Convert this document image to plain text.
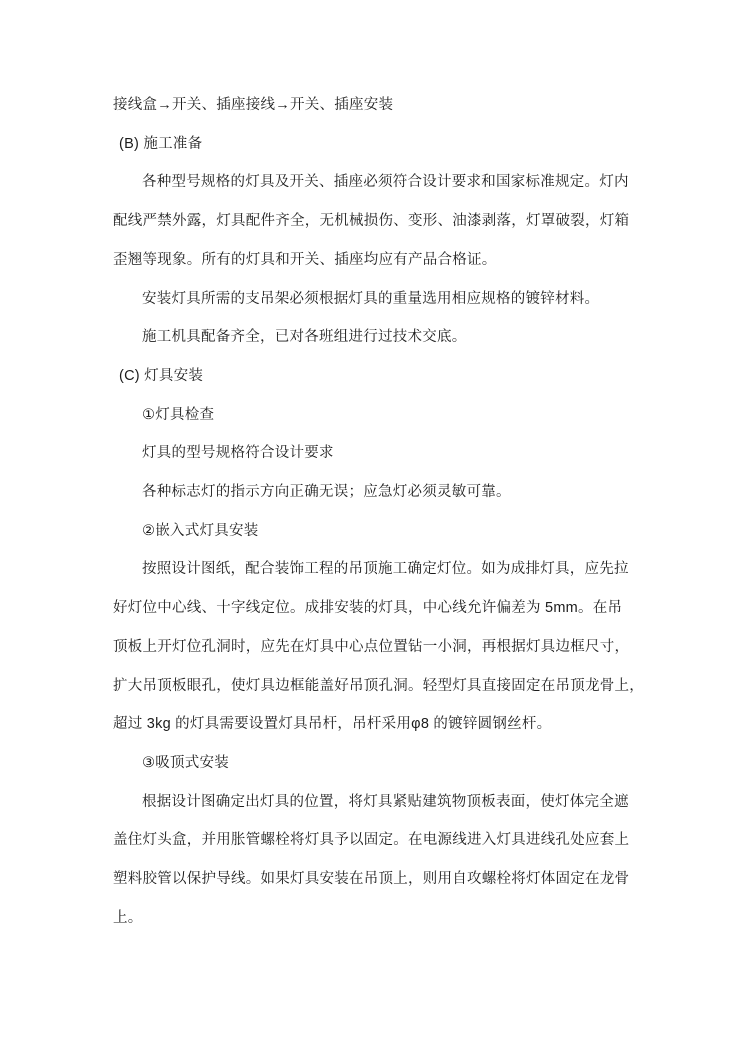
接线盒→开关、插座接线→开关、插座安装

(B) 施工准备

各种型号规格的灯具及开关、插座必须符合设计要求和国家标准规定。灯内
配线严禁外露，灯具配件齐全，无机械损伤、变形、油漆剥落，灯罩破裂，灯箱
歪翘等现象。所有的灯具和开关、插座均应有产品合格证。

安装灯具所需的支吊架必须根据灯具的重量选用相应规格的镀锌材料。

施工机具配备齐全，已对各班组进行过技术交底。

(C) 灯具安装

①灯具检查

灯具的型号规格符合设计要求

各种标志灯的指示方向正确无误；应急灯必须灵敏可靠。

②嵌入式灯具安装

按照设计图纸，配合装饰工程的吊顶施工确定灯位。如为成排灯具，应先拉
好灯位中心线、十字线定位。成排安装的灯具，中心线允许偏差为 5mm。在吊
顶板上开灯位孔洞时，应先在灯具中心点位置钻一小洞，再根据灯具边框尺寸，
扩大吊顶板眼孔，使灯具边框能盖好吊顶孔洞。轻型灯具直接固定在吊顶龙骨上，
超过 3kg 的灯具需要设置灯具吊杆，吊杆采用φ8 的镀锌圆钢丝杆。

③吸顶式安装

根据设计图确定出灯具的位置，将灯具紧贴建筑物顶板表面，使灯体完全遮
盖住灯头盒，并用胀管螺栓将灯具予以固定。在电源线进入灯具进线孔处应套上
塑料胶管以保护导线。如果灯具安装在吊顶上，则用自攻螺栓将灯体固定在龙骨
上。
